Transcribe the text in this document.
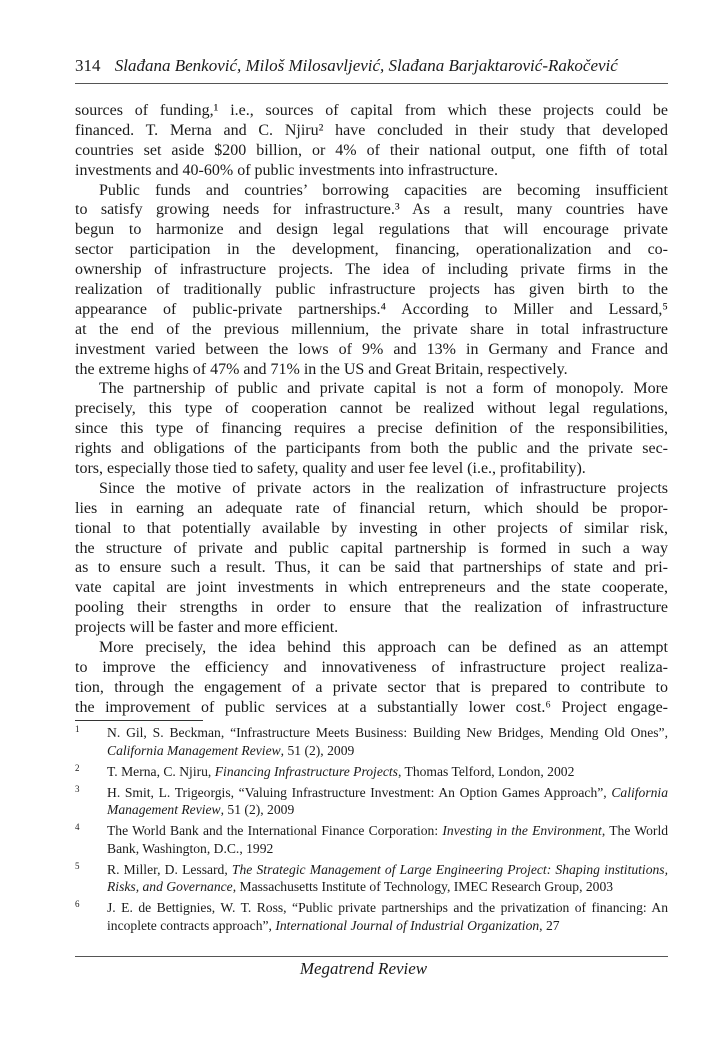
314 Slađana Benković, Miloš Milosavljević, Slađana Barjaktarović-Rakočević
sources of funding,¹ i.e., sources of capital from which these projects could be
financed. T. Merna and C. Njiru² have concluded in their study that developed
countries set aside $200 billion, or 4% of their national output, one fifth of total
investments and 40-60% of public investments into infrastructure.
Public funds and countries’ borrowing capacities are becoming insufficient
to satisfy growing needs for infrastructure.³ As a result, many countries have
begun to harmonize and design legal regulations that will encourage private
sector participation in the development, financing, operationalization and co-
ownership of infrastructure projects. The idea of including private firms in the
realization of traditionally public infrastructure projects has given birth to the
appearance of public-private partnerships.⁴ According to Miller and Lessard,⁵
at the end of the previous millennium, the private share in total infrastructure
investment varied between the lows of 9% and 13% in Germany and France and
the extreme highs of 47% and 71% in the US and Great Britain, respectively.
The partnership of public and private capital is not a form of monopoly. More
precisely, this type of cooperation cannot be realized without legal regulations,
since this type of financing requires a precise definition of the responsibilities,
rights and obligations of the participants from both the public and the private sec-
tors, especially those tied to safety, quality and user fee level (i.e., profitability).
Since the motive of private actors in the realization of infrastructure projects
lies in earning an adequate rate of financial return, which should be propor-
tional to that potentially available by investing in other projects of similar risk,
the structure of private and public capital partnership is formed in such a way
as to ensure such a result. Thus, it can be said that partnerships of state and pri-
vate capital are joint investments in which entrepreneurs and the state cooperate,
pooling their strengths in order to ensure that the realization of infrastructure
projects will be faster and more efficient.
More precisely, the idea behind this approach can be defined as an attempt
to improve the efficiency and innovativeness of infrastructure project realiza-
tion, through the engagement of a private sector that is prepared to contribute to
the improvement of public services at a substantially lower cost.⁶ Project engage-
1 N. Gil, S. Beckman, “Infrastructure Meets Business: Building New Bridges, Mending Old Ones”, California Management Review, 51 (2), 2009
2 T. Merna, C. Njiru, Financing Infrastructure Projects, Thomas Telford, London, 2002
3 H. Smit, L. Trigeorgis, “Valuing Infrastructure Investment: An Option Games Approach”, California Management Review, 51 (2), 2009
4 The World Bank and the International Finance Corporation: Investing in the Environment, The World Bank, Washington, D.C., 1992
5 R. Miller, D. Lessard, The Strategic Management of Large Engineering Project: Shaping institutions, Risks, and Governance, Massachusetts Institute of Technology, IMEC Research Group, 2003
6 J. E. de Bettignies, W. T. Ross, “Public private partnerships and the privatization of financing: An incoplete contracts approach”, International Journal of Industrial Organization, 27
Megatrend Review
